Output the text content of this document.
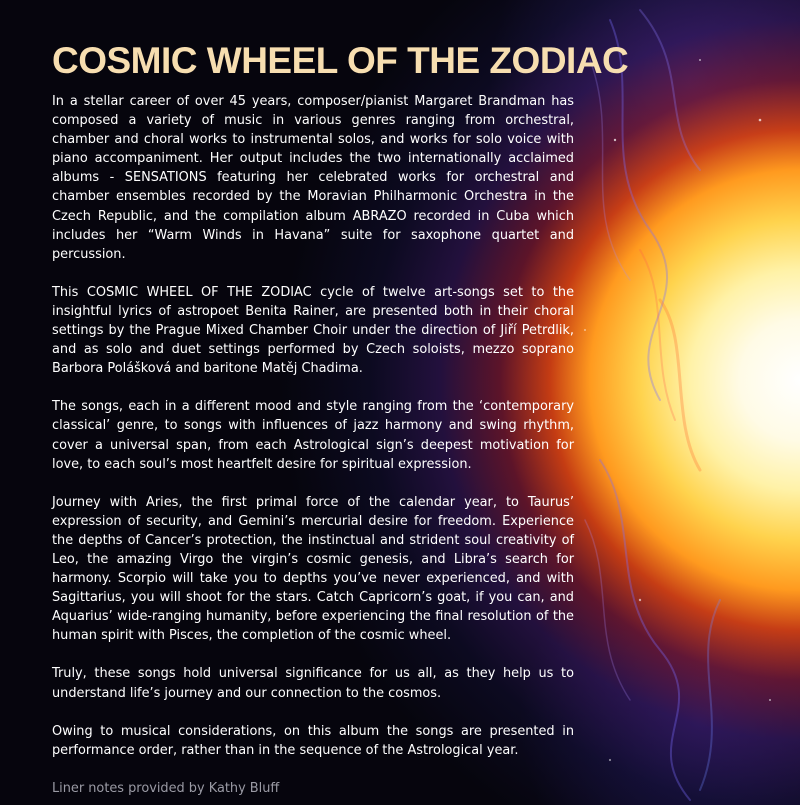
COSMIC WHEEL OF THE ZODIAC

In a stellar career of over 45 years, composer/pianist Margaret Brandman has composed a variety of music in various genres ranging from orchestral, chamber and choral works to instrumental solos, and works for solo voice with piano accompaniment. Her output includes the two internationally acclaimed albums - SENSATIONS featuring her celebrated works for orchestral and chamber ensembles recorded by the Moravian Philharmonic Orchestra in the Czech Republic, and the compilation album ABRAZO recorded in Cuba which includes her “Warm Winds in Havana” suite for saxophone quartet and percussion.

This COSMIC WHEEL OF THE ZODIAC cycle of twelve art-songs set to the insightful lyrics of astropoet Benita Rainer, are presented both in their choral settings by the Prague Mixed Chamber Choir under the direction of Jiří Petrdlik, and as solo and duet settings performed by Czech soloists, mezzo soprano Barbora Polášková and baritone Matěj Chadima.

The songs, each in a different mood and style ranging from the ‘contemporary classical’ genre, to songs with influences of jazz harmony and swing rhythm, cover a universal span, from each Astrological sign’s deepest motivation for love, to each soul’s most heartfelt desire for spiritual expression.

Journey with Aries, the first primal force of the calendar year, to Taurus’ expression of security, and Gemini’s mercurial desire for freedom. Experience the depths of Cancer’s protection, the instinctual and strident soul creativity of Leo, the amazing Virgo the virgin’s cosmic genesis, and Libra’s search for harmony. Scorpio will take you to depths you’ve never experienced, and with Sagittarius, you will shoot for the stars. Catch Capricorn’s goat, if you can, and Aquarius’ wide-ranging humanity, before experiencing the final resolution of the human spirit with Pisces, the completion of the cosmic wheel.

Truly, these songs hold universal significance for us all, as they help us to understand life’s journey and our connection to the cosmos.

Owing to musical considerations, on this album the songs are presented in performance order, rather than in the sequence of the Astrological year.

Liner notes provided by Kathy Bluff
